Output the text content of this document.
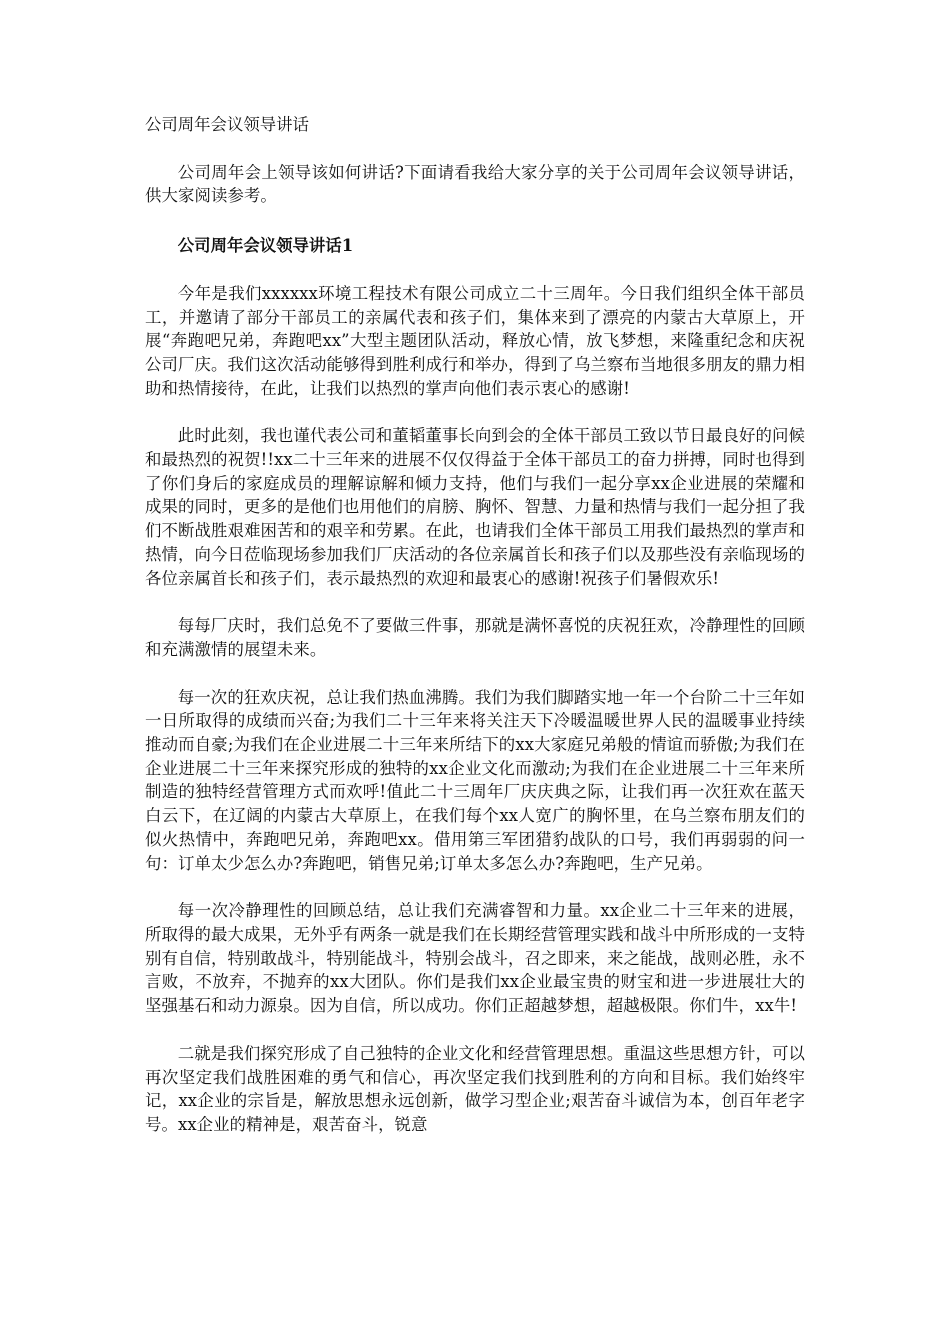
公司周年会议领导讲话

公司周年会上领导该如何讲话?下面请看我给大家分享的关于公司周年会议领导讲话，供大家阅读参考。

公司周年会议领导讲话1

今年是我们xxxxxx环境工程技术有限公司成立二十三周年。今日我们组织全体干部员工，并邀请了部分干部员工的亲属代表和孩子们，集体来到了漂亮的内蒙古大草原上，开展“奔跑吧兄弟，奔跑吧xx”大型主题团队活动，释放心情，放飞梦想，来隆重纪念和庆祝公司厂庆。我们这次活动能够得到胜利成行和举办，得到了乌兰察布当地很多朋友的鼎力相助和热情接待，在此，让我们以热烈的掌声向他们表示衷心的感谢!

此时此刻，我也谨代表公司和董韬董事长向到会的全体干部员工致以节日最良好的问候和最热烈的祝贺!!xx二十三年来的进展不仅仅得益于全体干部员工的奋力拼搏，同时也得到了你们身后的家庭成员的理解谅解和倾力支持，他们与我们一起分享xx企业进展的荣耀和成果的同时，更多的是他们也用他们的肩膀、胸怀、智慧、力量和热情与我们一起分担了我们不断战胜艰难困苦和的艰辛和劳累。在此，也请我们全体干部员工用我们最热烈的掌声和热情，向今日莅临现场参加我们厂庆活动的各位亲属首长和孩子们以及那些没有亲临现场的各位亲属首长和孩子们，表示最热烈的欢迎和最衷心的感谢!祝孩子们暑假欢乐!

每每厂庆时，我们总免不了要做三件事，那就是满怀喜悦的庆祝狂欢，冷静理性的回顾和充满激情的展望未来。

每一次的狂欢庆祝，总让我们热血沸腾。我们为我们脚踏实地一年一个台阶二十三年如一日所取得的成绩而兴奋;为我们二十三年来将关注天下冷暖温暖世界人民的温暖事业持续推动而自豪;为我们在企业进展二十三年来所结下的xx大家庭兄弟般的情谊而骄傲;为我们在企业进展二十三年来探究形成的独特的xx企业文化而激动;为我们在企业进展二十三年来所制造的独特经营管理方式而欢呼!值此二十三周年厂庆庆典之际，让我们再一次狂欢在蓝天白云下，在辽阔的内蒙古大草原上，在我们每个xx人宽广的胸怀里，在乌兰察布朋友们的似火热情中，奔跑吧兄弟，奔跑吧xx。借用第三军团猎豹战队的口号，我们再弱弱的问一句：订单太少怎么办?奔跑吧，销售兄弟;订单太多怎么办?奔跑吧，生产兄弟。

每一次冷静理性的回顾总结，总让我们充满睿智和力量。xx企业二十三年来的进展，所取得的最大成果，无外乎有两条一就是我们在长期经营管理实践和战斗中所形成的一支特别有自信，特别敢战斗，特别能战斗，特别会战斗，召之即来，来之能战，战则必胜，永不言败，不放弃，不抛弃的xx大团队。你们是我们xx企业最宝贵的财宝和进一步进展壮大的坚强基石和动力源泉。因为自信，所以成功。你们正超越梦想，超越极限。你们牛，xx牛!

二就是我们探究形成了自己独特的企业文化和经营管理思想。重温这些思想方针，可以再次坚定我们战胜困难的勇气和信心，再次坚定我们找到胜利的方向和目标。我们始终牢记，xx企业的宗旨是，解放思想永远创新，做学习型企业;艰苦奋斗诚信为本，创百年老字号。xx企业的精神是，艰苦奋斗，锐意
